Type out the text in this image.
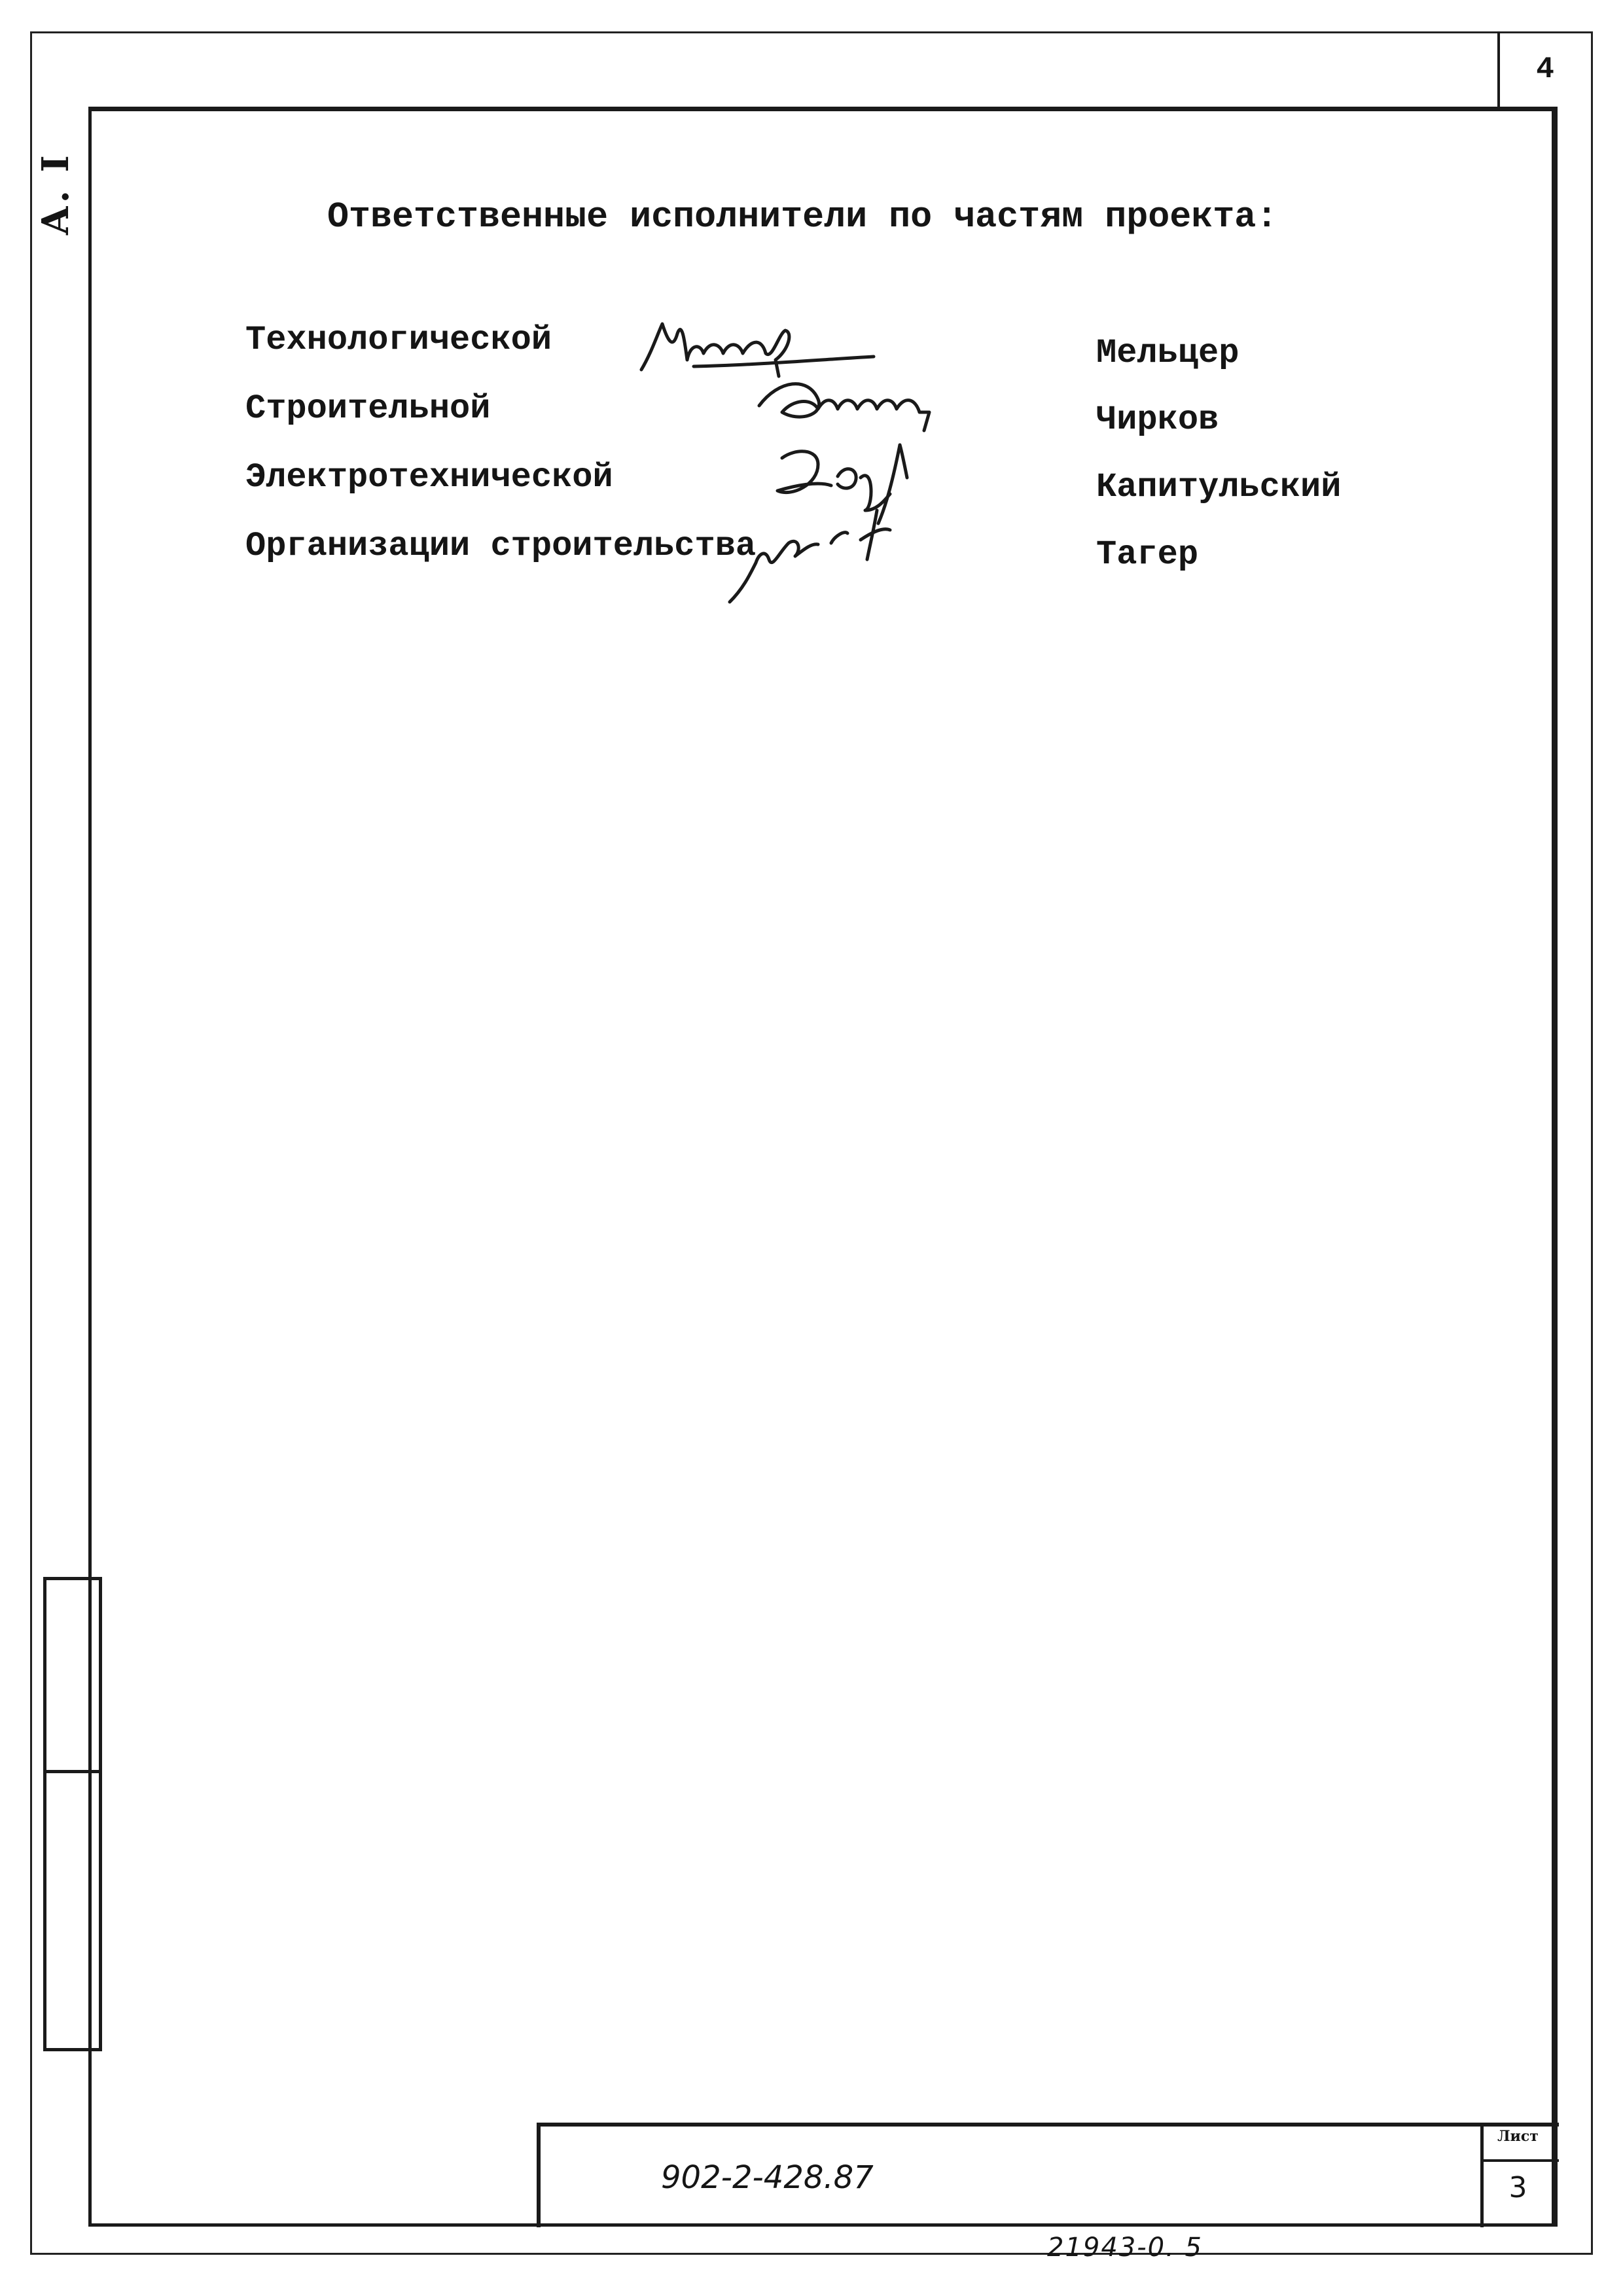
4
А. I	Ответственные исполнители по частям проекта:
Технологической
Строительной
Электротехнической
Организации строительства
Мельцер
Чирков
Капитульский
Тагер
902-2-428.87
Лист
3
21943-0. 5
